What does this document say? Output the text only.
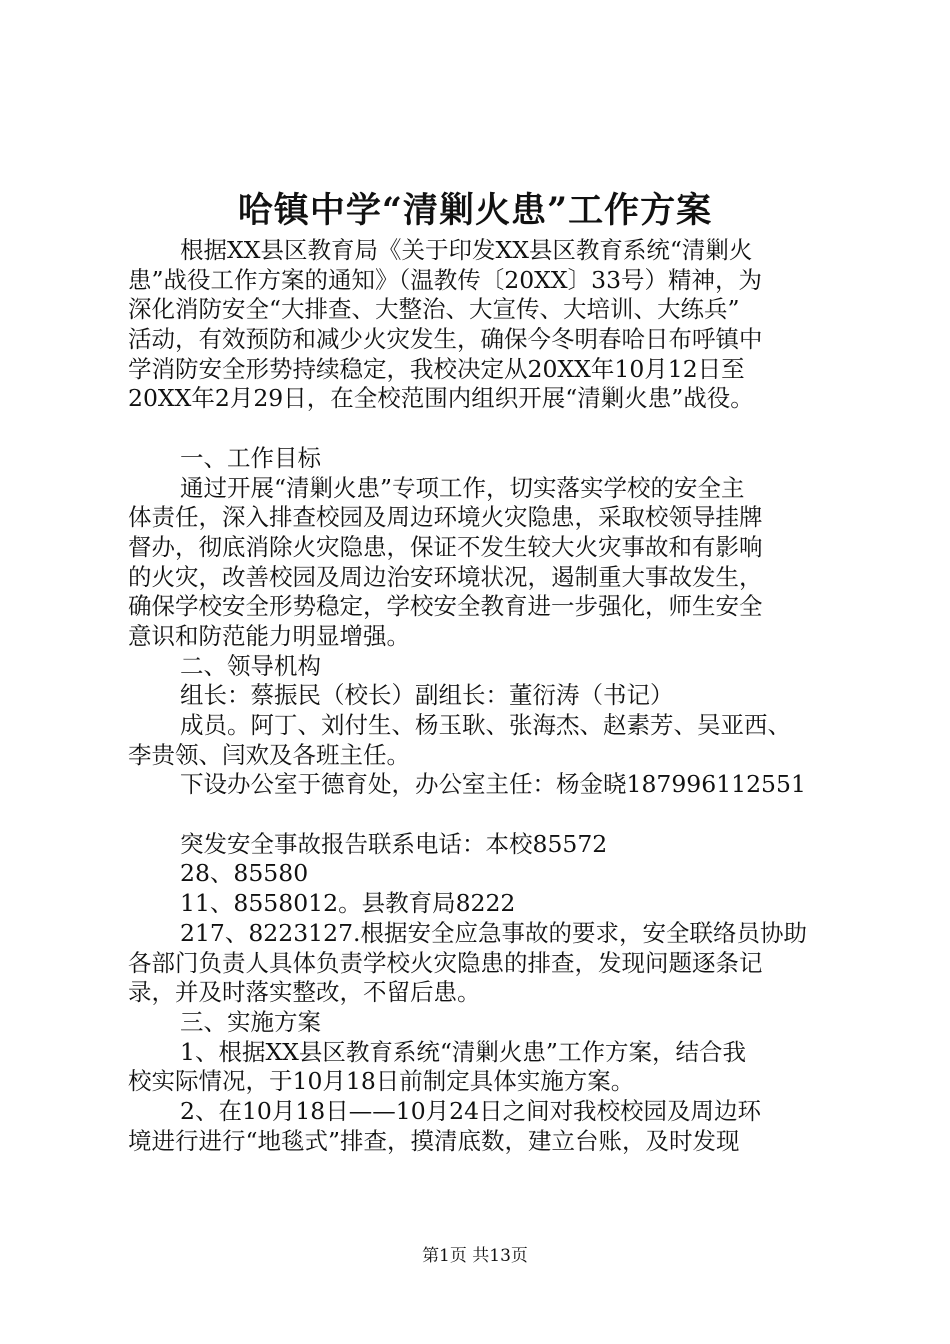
哈镇中学“清剿火患”工作方案
根据XX县区教育局《关于印发XX县区教育系统“清剿火
患”战役工作方案的通知》（温教传〔20XX〕33号）精神，为
深化消防安全“大排查、大整治、大宣传、大培训、大练兵”
活动，有效预防和减少火灾发生，确保今冬明春哈日布呼镇中
学消防安全形势持续稳定，我校决定从20XX年10月12日至
20XX年2月29日，在全校范围内组织开展“清剿火患”战役。
一、工作目标
通过开展“清剿火患”专项工作，切实落实学校的安全主
体责任，深入排查校园及周边环境火灾隐患，采取校领导挂牌
督办，彻底消除火灾隐患，保证不发生较大火灾事故和有影响
的火灾，改善校园及周边治安环境状况，遏制重大事故发生，
确保学校安全形势稳定，学校安全教育进一步强化，师生安全
意识和防范能力明显增强。
二、领导机构
组长：蔡振民（校长）副组长：董衍涛（书记）
成员。阿丁、刘付生、杨玉耿、张海杰、赵素芳、吴亚西、
李贵领、闫欢及各班主任。
下设办公室于德育处，办公室主任：杨金晓187996112551
突发安全事故报告联系电话：本校85572
28、85580
11、8558012。县教育局8222
217、8223127.根据安全应急事故的要求，安全联络员协助
各部门负责人具体负责学校火灾隐患的排查，发现问题逐条记
录，并及时落实整改，不留后患。
三、实施方案
1、根据XX县区教育系统“清剿火患”工作方案，结合我
校实际情况，于10月18日前制定具体实施方案。
2、在10月18日——10月24日之间对我校校园及周边环
境进行进行“地毯式”排查，摸清底数，建立台账，及时发现
第1页 共13页
